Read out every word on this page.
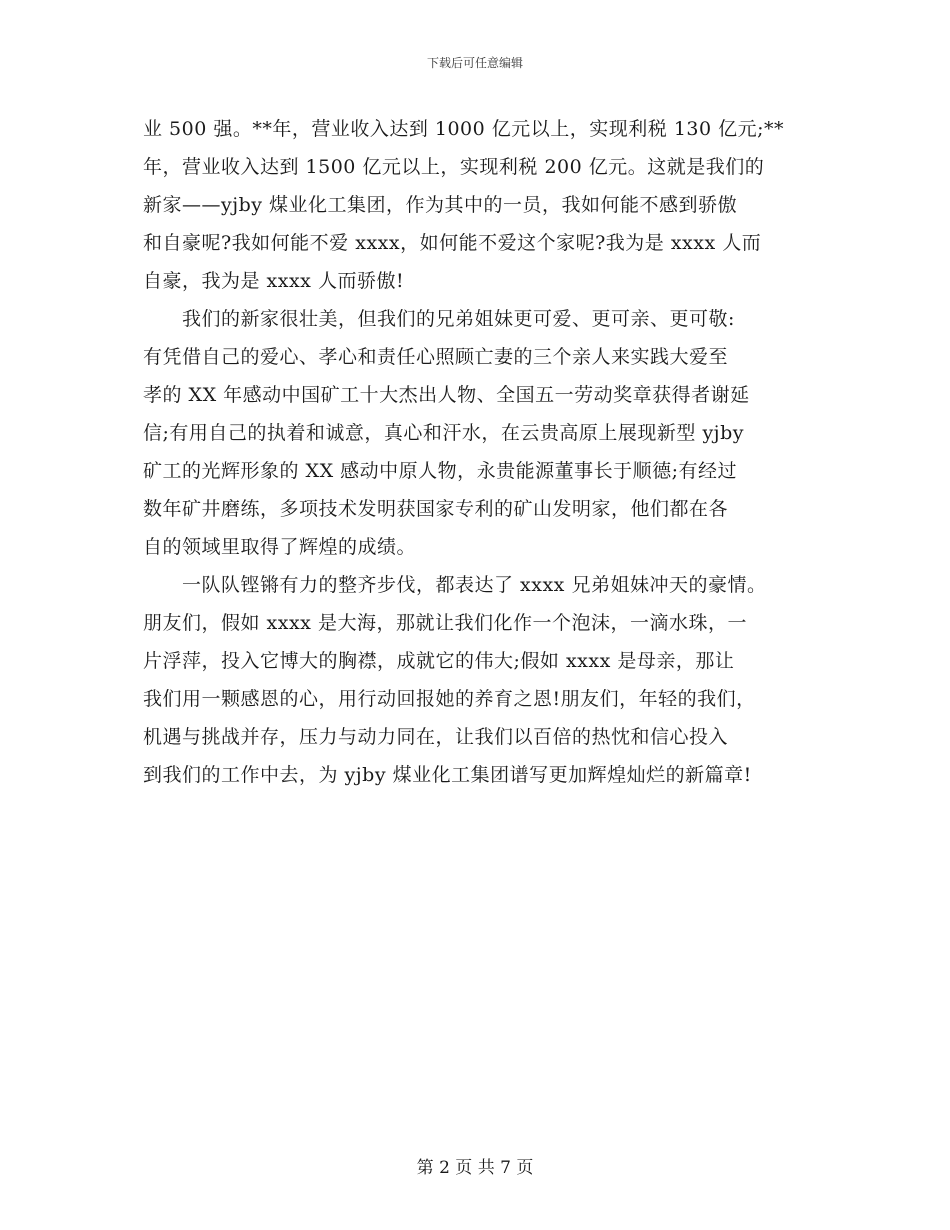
下载后可任意编辑
业 500 强。**年，营业收入达到 1000 亿元以上，实现利税 130 亿元;**
年，营业收入达到 1500 亿元以上，实现利税 200 亿元。这就是我们的
新家——yjby 煤业化工集团，作为其中的一员，我如何能不感到骄傲
和自豪呢?我如何能不爱 xxxx，如何能不爱这个家呢?我为是 xxxx 人而
自豪，我为是 xxxx 人而骄傲!
　　我们的新家很壮美，但我们的兄弟姐妹更可爱、更可亲、更可敬:
有凭借自己的爱心、孝心和责任心照顾亡妻的三个亲人来实践大爱至
孝的 XX 年感动中国矿工十大杰出人物、全国五一劳动奖章获得者谢延
信;有用自己的执着和诚意，真心和汗水，在云贵高原上展现新型 yjby
矿工的光辉形象的 XX 感动中原人物，永贵能源董事长于顺德;有经过
数年矿井磨练，多项技术发明获国家专利的矿山发明家，他们都在各
自的领域里取得了辉煌的成绩。
　　一队队铿锵有力的整齐步伐，都表达了 xxxx 兄弟姐妹冲天的豪情。
朋友们，假如 xxxx 是大海，那就让我们化作一个泡沫，一滴水珠，一
片浮萍，投入它博大的胸襟，成就它的伟大;假如 xxxx 是母亲，那让
我们用一颗感恩的心，用行动回报她的养育之恩!朋友们，年轻的我们，
机遇与挑战并存，压力与动力同在，让我们以百倍的热忱和信心投入
到我们的工作中去，为 yjby 煤业化工集团谱写更加辉煌灿烂的新篇章!
第 2 页 共 7 页
